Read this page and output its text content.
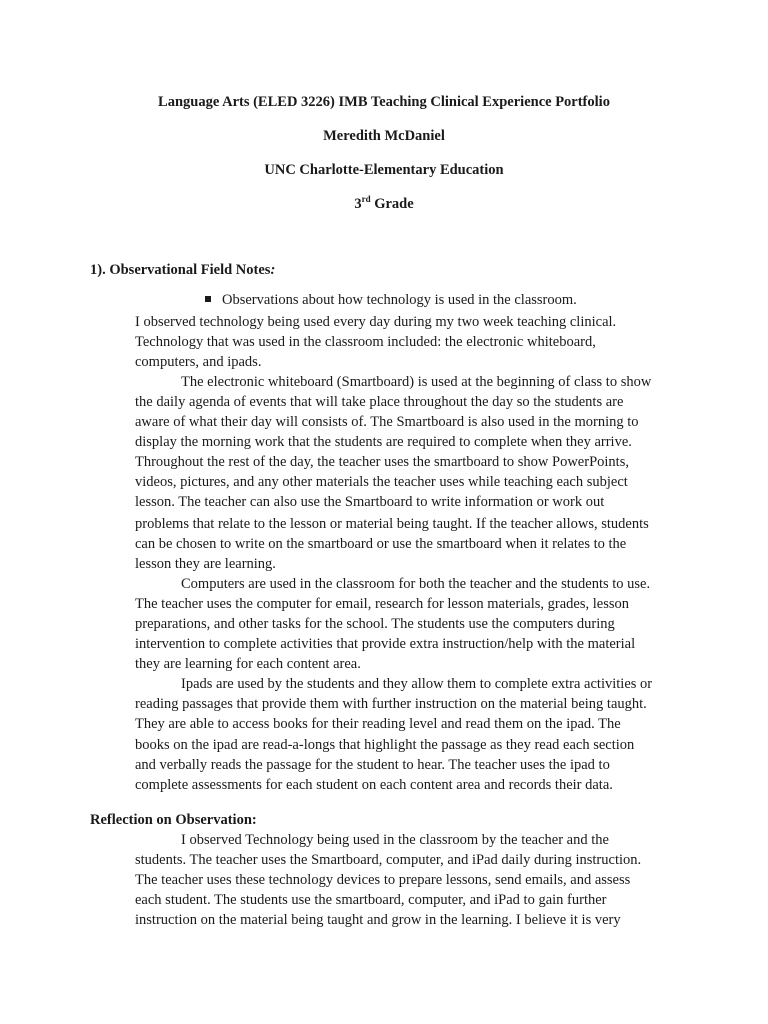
Language Arts (ELED 3226) IMB Teaching Clinical Experience Portfolio
Meredith McDaniel
UNC Charlotte-Elementary Education
3rd Grade
1). Observational Field Notes:
Observations about how technology is used in the classroom.
I observed technology being used every day during my two week teaching clinical.
Technology that was used in the classroom included: the electronic whiteboard,
computers, and ipads.
The electronic whiteboard (Smartboard) is used at the beginning of class to show
the daily agenda of events that will take place throughout the day so the students are
aware of what their day will consists of. The Smartboard is also used in the morning to
display the morning work that the students are required to complete when they arrive.
Throughout the rest of the day, the teacher uses the smartboard to show PowerPoints,
videos, pictures, and any other materials the teacher uses while teaching each subject
lesson. The teacher can also use the Smartboard to write information or work out
problems that relate to the lesson or material being taught. If the teacher allows, students
can be chosen to write on the smartboard or use the smartboard when it relates to the
lesson they are learning.
Computers are used in the classroom for both the teacher and the students to use.
The teacher uses the computer for email, research for lesson materials, grades, lesson
preparations, and other tasks for the school. The students use the computers during
intervention to complete activities that provide extra instruction/help with the material
they are learning for each content area.
Ipads are used by the students and they allow them to complete extra activities or
reading passages that provide them with further instruction on the material being taught.
They are able to access books for their reading level and read them on the ipad. The
books on the ipad are read-a-longs that highlight the passage as they read each section
and verbally reads the passage for the student to hear. The teacher uses the ipad to
complete assessments for each student on each content area and records their data.
Reflection on Observation:
I observed Technology being used in the classroom by the teacher and the
students. The teacher uses the Smartboard, computer, and iPad daily during instruction.
The teacher uses these technology devices to prepare lessons, send emails, and assess
each student. The students use the smartboard, computer, and iPad to gain further
instruction on the material being taught and grow in the learning. I believe it is very
